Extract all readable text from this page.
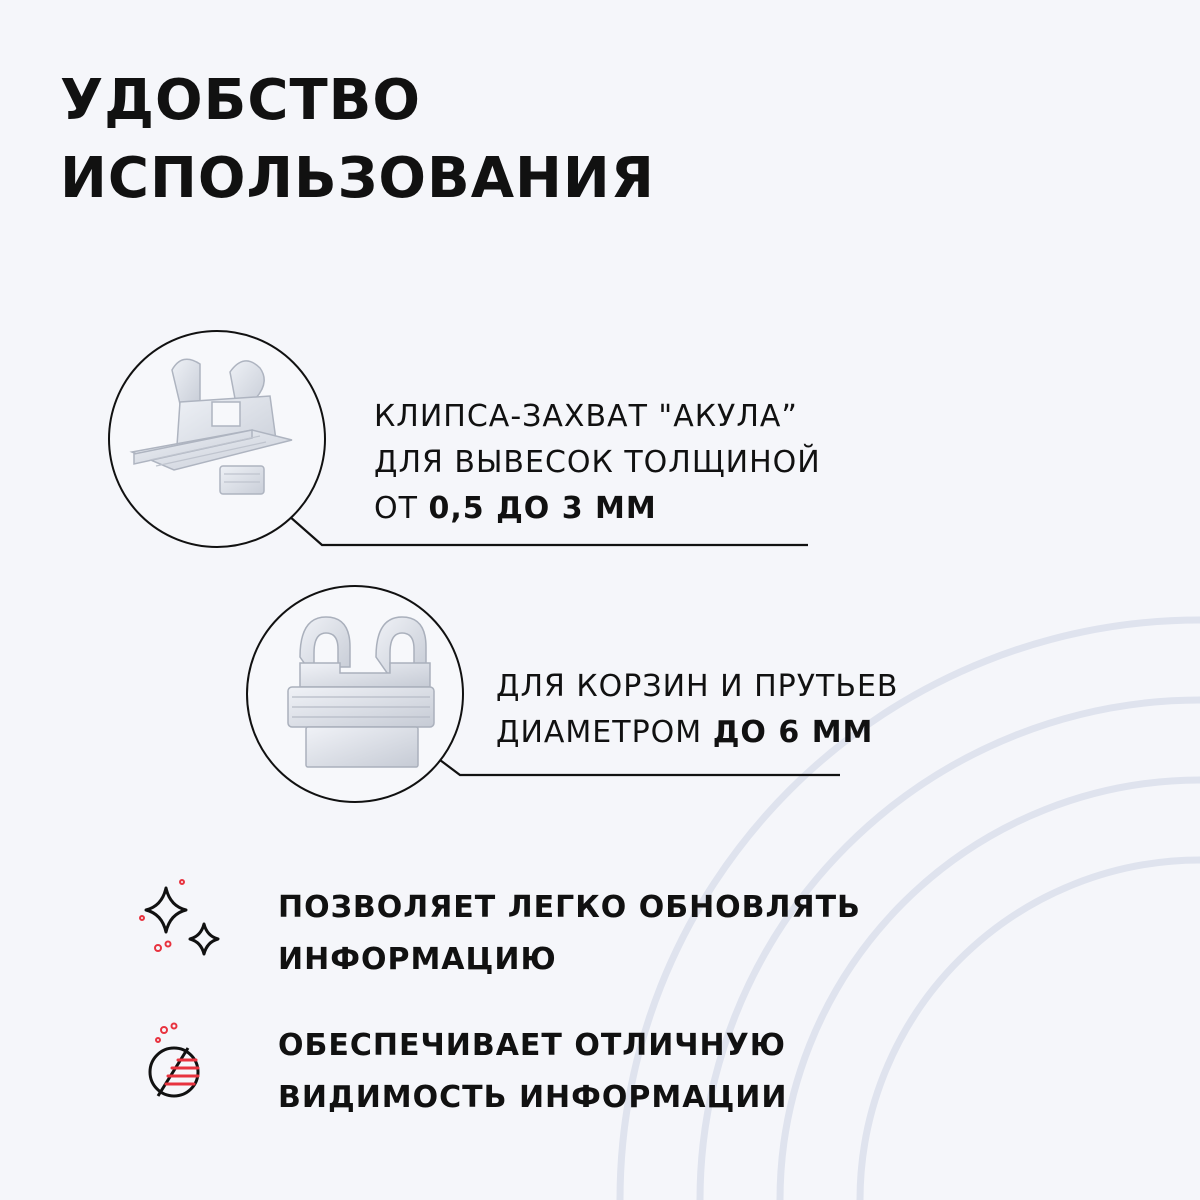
УДОБСТВО
ИСПОЛЬЗОВАНИЯ
КЛИПСА-ЗАХВАТ "АКУЛА”
ДЛЯ ВЫВЕСОК ТОЛЩИНОЙ
ОТ 0,5 ДО 3 ММ
ДЛЯ КОРЗИН И ПРУТЬЕВ
ДИАМЕТРОМ ДО 6 ММ
ПОЗВОЛЯЕТ ЛЕГКО ОБНОВЛЯТЬ
ИНФОРМАЦИЮ
ОБЕСПЕЧИВАЕТ ОТЛИЧНУЮ
ВИДИМОСТЬ ИНФОРМАЦИИ
